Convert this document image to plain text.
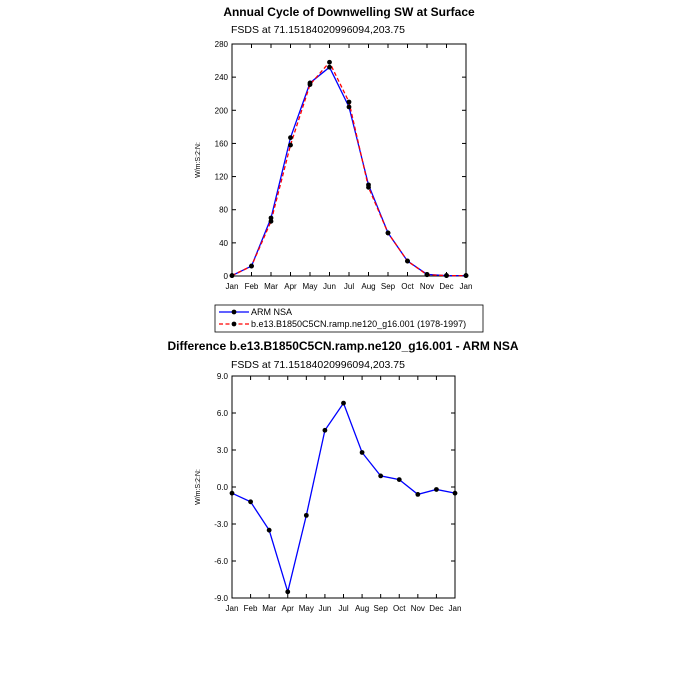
Annual Cycle of Downwelling SW at Surface
FSDS at 71.15184020996094,203.75
W/m:S:2:N:
0
40
80
120
160
200
240
280
Jan Feb Mar Apr May Jun Jul Aug Sep Oct Nov Dec Jan
ARM NSA
b.e13.B1850C5CN.ramp.ne120_g16.001 (1978-1997)
Difference b.e13.B1850C5CN.ramp.ne120_g16.001 - ARM NSA
FSDS at 71.15184020996094,203.75
W/m:S:2:N:
-9.0
-6.0
-3.0
0.0
3.0
6.0
9.0
Jan Feb Mar Apr May Jun Jul Aug Sep Oct Nov Dec Jan
